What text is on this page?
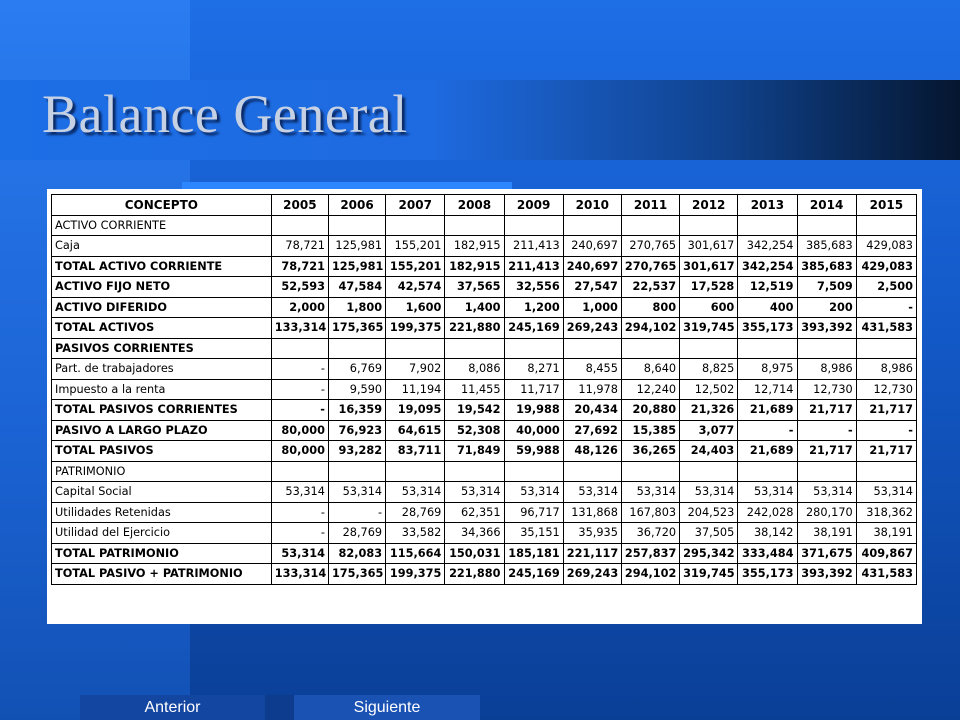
Balance General
CONCEPTO	2005	2006	2007	2008	2009	2010	2011	2012	2013	2014	2015
ACTIVO CORRIENTE											
Caja	78,721	125,981	155,201	182,915	211,413	240,697	270,765	301,617	342,254	385,683	429,083
TOTAL ACTIVO CORRIENTE	78,721	125,981	155,201	182,915	211,413	240,697	270,765	301,617	342,254	385,683	429,083
ACTIVO FIJO NETO	52,593	47,584	42,574	37,565	32,556	27,547	22,537	17,528	12,519	7,509	2,500
ACTIVO DIFERIDO	2,000	1,800	1,600	1,400	1,200	1,000	800	600	400	200	-
TOTAL ACTIVOS	133,314	175,365	199,375	221,880	245,169	269,243	294,102	319,745	355,173	393,392	431,583
PASIVOS CORRIENTES											
Part. de trabajadores	-	6,769	7,902	8,086	8,271	8,455	8,640	8,825	8,975	8,986	8,986
Impuesto a la renta	-	9,590	11,194	11,455	11,717	11,978	12,240	12,502	12,714	12,730	12,730
TOTAL PASIVOS CORRIENTES	-	16,359	19,095	19,542	19,988	20,434	20,880	21,326	21,689	21,717	21,717
PASIVO A LARGO PLAZO	80,000	76,923	64,615	52,308	40,000	27,692	15,385	3,077	-	-	-
TOTAL PASIVOS	80,000	93,282	83,711	71,849	59,988	48,126	36,265	24,403	21,689	21,717	21,717
PATRIMONIO											
Capital Social	53,314	53,314	53,314	53,314	53,314	53,314	53,314	53,314	53,314	53,314	53,314
Utilidades Retenidas	-	-	28,769	62,351	96,717	131,868	167,803	204,523	242,028	280,170	318,362
Utilidad del Ejercicio	-	28,769	33,582	34,366	35,151	35,935	36,720	37,505	38,142	38,191	38,191
TOTAL PATRIMONIO	53,314	82,083	115,664	150,031	185,181	221,117	257,837	295,342	333,484	371,675	409,867
TOTAL PASIVO + PATRIMONIO	133,314	175,365	199,375	221,880	245,169	269,243	294,102	319,745	355,173	393,392	431,583
Anterior	Siguiente
